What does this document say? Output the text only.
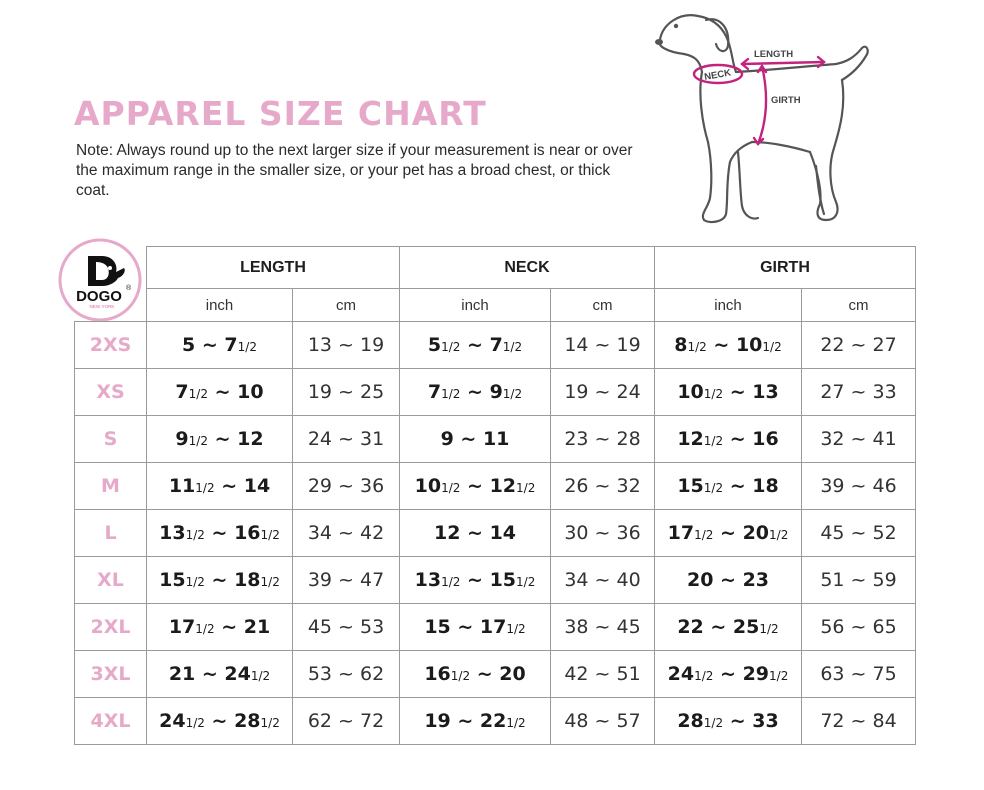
APPAREL SIZE CHART
Note: Always round up to the next larger size if your measurement is near or over the maximum range in the smaller size, or your pet has a broad chest, or thick coat.
NECK
LENGTH
GIRTH
DOGO ®
NEW YORK
	LENGTH		NECK		GIRTH	
	inch	cm	inch	cm	inch	cm
2XS	5 ~ 71/2	13 ~ 19	51/2 ~ 71/2	14 ~ 19	81/2 ~ 101/2	22 ~ 27
XS	71/2 ~ 10	19 ~ 25	71/2 ~ 91/2	19 ~ 24	101/2 ~ 13	27 ~ 33
S	91/2 ~ 12	24 ~ 31	9 ~ 11	23 ~ 28	121/2 ~ 16	32 ~ 41
M	111/2 ~ 14	29 ~ 36	101/2 ~ 121/2	26 ~ 32	151/2 ~ 18	39 ~ 46
L	131/2 ~ 161/2	34 ~ 42	12 ~ 14	30 ~ 36	171/2 ~ 201/2	45 ~ 52
XL	151/2 ~ 181/2	39 ~ 47	131/2 ~ 151/2	34 ~ 40	20 ~ 23	51 ~ 59
2XL	171/2 ~ 21	45 ~ 53	15 ~ 171/2	38 ~ 45	22 ~ 251/2	56 ~ 65
3XL	21 ~ 241/2	53 ~ 62	161/2 ~ 20	42 ~ 51	241/2 ~ 291/2	63 ~ 75
4XL	241/2 ~ 281/2	62 ~ 72	19 ~ 221/2	48 ~ 57	281/2 ~ 33	72 ~ 84
